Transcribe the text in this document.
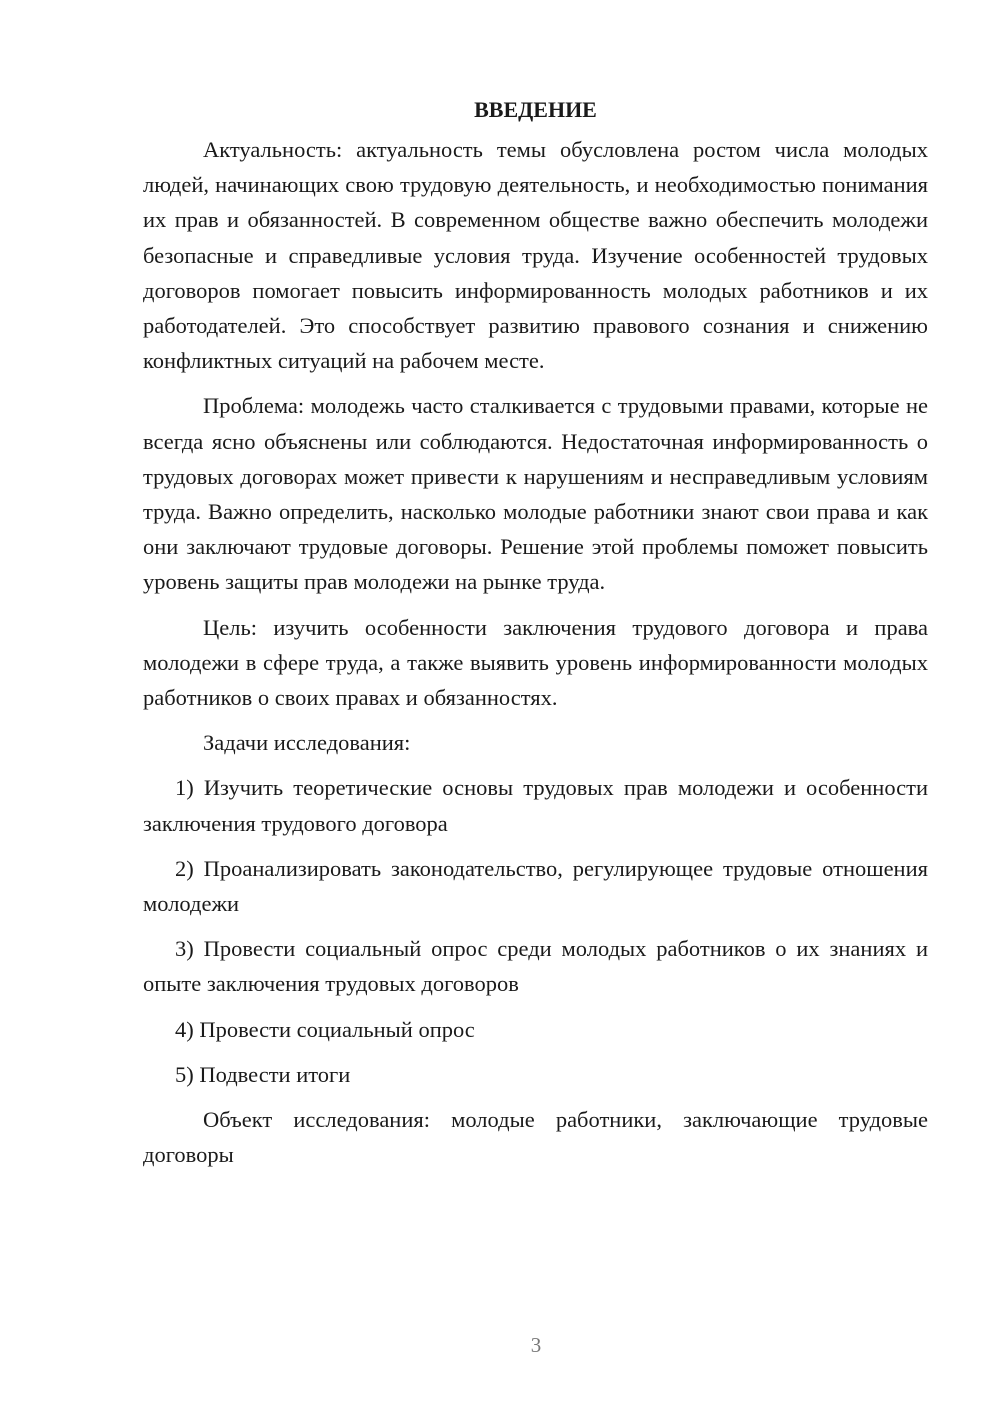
ВВЕДЕНИЕ

Актуальность: актуальность темы обусловлена ростом числа молодых людей, начинающих свою трудовую деятельность, и необходимостью понимания их прав и обязанностей. В современном обществе важно обеспечить молодежи безопасные и справедливые условия труда. Изучение особенностей трудовых договоров помогает повысить информированность молодых работников и их работодателей. Это способствует развитию правового сознания и снижению конфликтных ситуаций на рабочем месте.

Проблема: молодежь часто сталкивается с трудовыми правами, которые не всегда ясно объяснены или соблюдаются. Недостаточная информированность о трудовых договорах может привести к нарушениям и несправедливым условиям труда. Важно определить, насколько молодые работники знают свои права и как они заключают трудовые договоры. Решение этой проблемы поможет повысить уровень защиты прав молодежи на рынке труда.

Цель: изучить особенности заключения трудового договора и права молодежи в сфере труда, а также выявить уровень информированности молодых работников о своих правах и обязанностях.

Задачи исследования:

1) Изучить теоретические основы трудовых прав молодежи и особенности заключения трудового договора

2) Проанализировать законодательство, регулирующее трудовые отношения молодежи

3) Провести социальный опрос среди молодых работников о их знаниях и опыте заключения трудовых договоров

4) Провести социальный опрос

5) Подвести итоги

Объект исследования: молодые работники, заключающие трудовые договоры

3
